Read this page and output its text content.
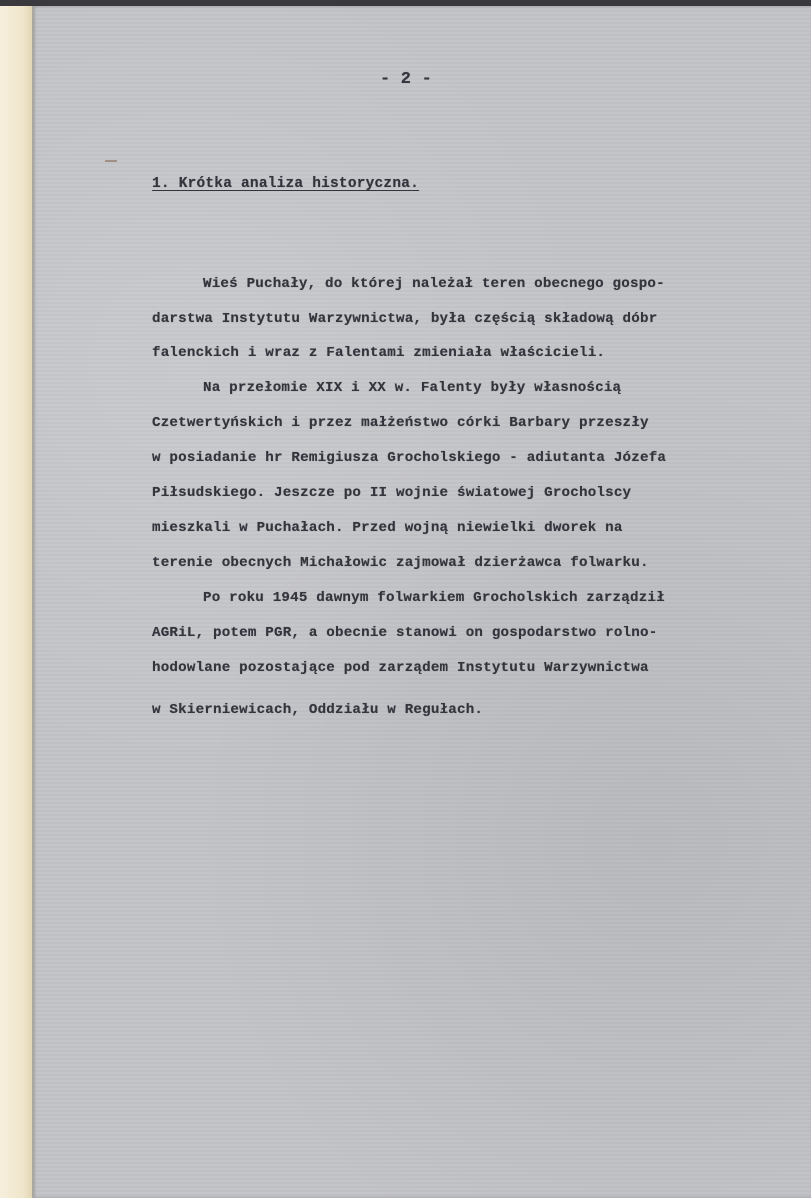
- 2 -
1. Krótka analiza historyczna.
Wieś Puchały, do której należał teren obecnego gospo-
darstwa Instytutu Warzywnictwa, była częścią składową dóbr
falenckich i wraz z Falentami zmieniała właścicieli.
Na przełomie XIX i XX w. Falenty były własnością
Czetwertyńskich i przez małżeństwo córki Barbary przeszły
w posiadanie hr Remigiusza Grocholskiego - adiutanta Józefa
Piłsudskiego. Jeszcze po II wojnie światowej Grocholscy
mieszkali w Puchałach. Przed wojną niewielki dworek na
terenie obecnych Michałowic zajmował dzierżawca folwarku.
Po roku 1945 dawnym folwarkiem Grocholskich zarządził
AGRiL, potem PGR, a obecnie stanowi on gospodarstwo rolno-
hodowlane pozostające pod zarządem Instytutu Warzywnictwa
w Skierniewicach, Oddziału w Regułach.
